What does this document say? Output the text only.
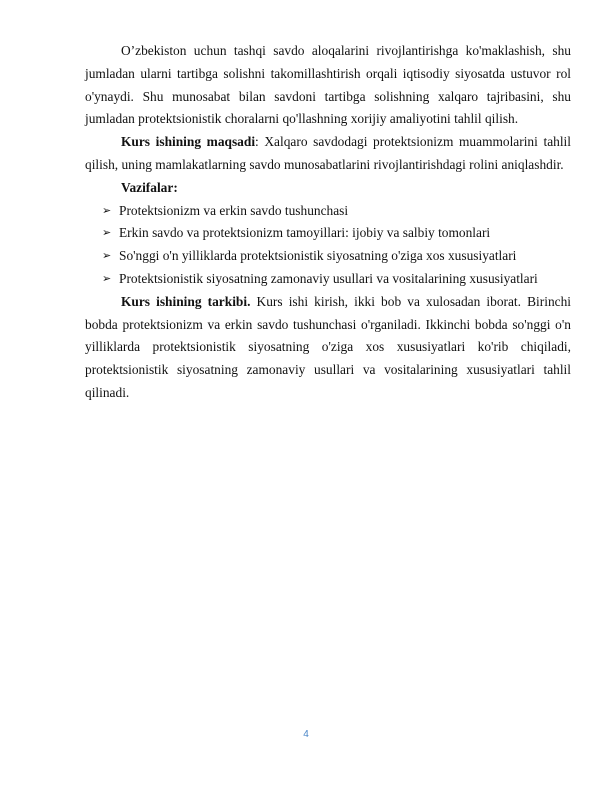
O’zbekiston uchun tashqi savdo aloqalarini rivojlantirishga ko'maklashish, shu jumladan ularni tartibga solishni takomillashtirish orqali iqtisodiy siyosatda ustuvor rol o'ynaydi. Shu munosabat bilan savdoni tartibga solishning xalqaro tajribasini, shu jumladan protektsionistik choralarni qo'llashning xorijiy amaliyotini tahlil qilish.

Kurs ishining maqsadi: Xalqaro savdodagi protektsionizm muammolarini tahlil qilish, uning mamlakatlarning savdo munosabatlarini rivojlantirishdagi rolini aniqlashdir.

Vazifalar:

➢ Protektsionizm va erkin savdo tushunchasi
➢ Erkin savdo va protektsionizm tamoyillari: ijobiy va salbiy tomonlari
➢ So'nggi o'n yilliklarda protektsionistik siyosatning o'ziga xos xususiyatlari
➢ Protektsionistik siyosatning zamonaviy usullari va vositalarining xususiyatlari

Kurs ishining tarkibi. Kurs ishi kirish, ikki bob va xulosadan iborat. Birinchi bobda protektsionizm va erkin savdo tushunchasi o'rganiladi. Ikkinchi bobda so'nggi o'n yilliklarda protektsionistik siyosatning o'ziga xos xususiyatlari ko'rib chiqiladi, protektsionistik siyosatning zamonaviy usullari va vositalarining xususiyatlari tahlil qilinadi.

4
